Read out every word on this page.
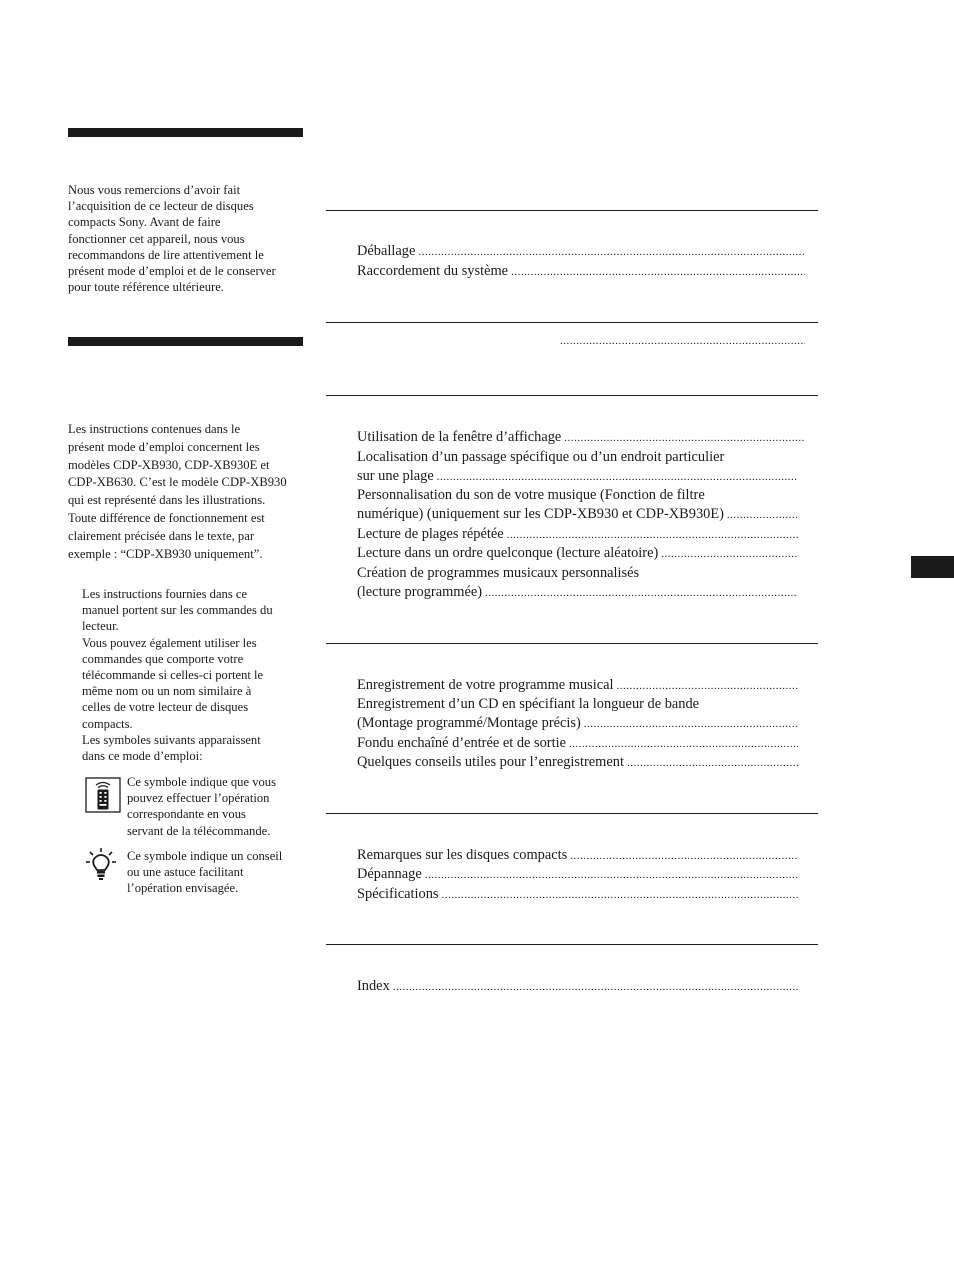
Nous vous remercions d’avoir fait
l’acquisition de ce lecteur de disques
compacts Sony. Avant de faire
fonctionner cet appareil, nous vous
recommandons de lire attentivement le
présent mode d’emploi et de le conserver
pour toute référence ultérieure.
Les instructions contenues dans le
présent mode d’emploi concernent les
modèles CDP-XB930, CDP-XB930E et
CDP-XB630. C’est le modèle CDP-XB930
qui est représenté dans les illustrations.
Toute différence de fonctionnement est
clairement précisée dans le texte, par
exemple : “CDP-XB930 uniquement”.
Les instructions fournies dans ce
manuel portent sur les commandes du
lecteur.
Vous pouvez également utiliser les
commandes que comporte votre
télécommande si celles-ci portent le
même nom ou un nom similaire à
celles de votre lecteur de disques
compacts.
Les symboles suivants apparaissent
dans ce mode d’emploi:
Ce symbole indique que vous
pouvez effectuer l’opération
correspondante en vous
servant de la télécommande.
Ce symbole indique un conseil
ou une astuce facilitant
l’opération envisagée.
Déballage
.....
Raccordement du système
.....
.....
Utilisation de la fenêtre d’affichage
.....
Localisation d’un passage spécifique ou d’un endroit particulier
sur une plage
.....
Personnalisation du son de votre musique (Fonction de filtre
numérique) (uniquement sur les CDP-XB930 et CDP-XB930E)
.....
Lecture de plages répétée
.....
Lecture dans un ordre quelconque (lecture aléatoire)
.....
Création de programmes musicaux personnalisés
(lecture programmée)
.....
Enregistrement de votre programme musical
.....
Enregistrement d’un CD en spécifiant la longueur de bande
(Montage programmé/Montage précis)
.....
Fondu enchaîné d’entrée et de sortie
.....
Quelques conseils utiles pour l’enregistrement
.....
Remarques sur les disques compacts
.....
Dépannage
.....
Spécifications
.....
Index
.....
